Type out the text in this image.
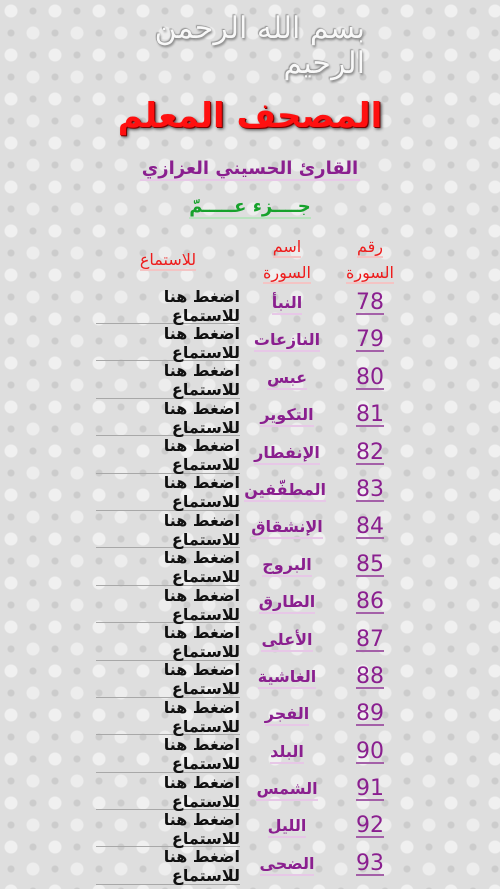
بسم الله الرحمن الرحيم
المصحف المعلم
القارئ الحسيني العزازي
جــــزء عـــــمّ
رقم السورة
اسم السورة
للاستماع
78
النبأ
اضغط هنا للاستماع
79
النازعات
اضغط هنا للاستماع
80
عبس
اضغط هنا للاستماع
81
التكوير
اضغط هنا للاستماع
82
الإنفطار
اضغط هنا للاستماع
83
المطفّفين
اضغط هنا للاستماع
84
الإنشقاق
اضغط هنا للاستماع
85
البروج
اضغط هنا للاستماع
86
الطارق
اضغط هنا للاستماع
87
الأعلى
اضغط هنا للاستماع
88
الغاشية
اضغط هنا للاستماع
89
الفجر
اضغط هنا للاستماع
90
البلد
اضغط هنا للاستماع
91
الشمس
اضغط هنا للاستماع
92
الليل
اضغط هنا للاستماع
93
الضحى
اضغط هنا للاستماع
